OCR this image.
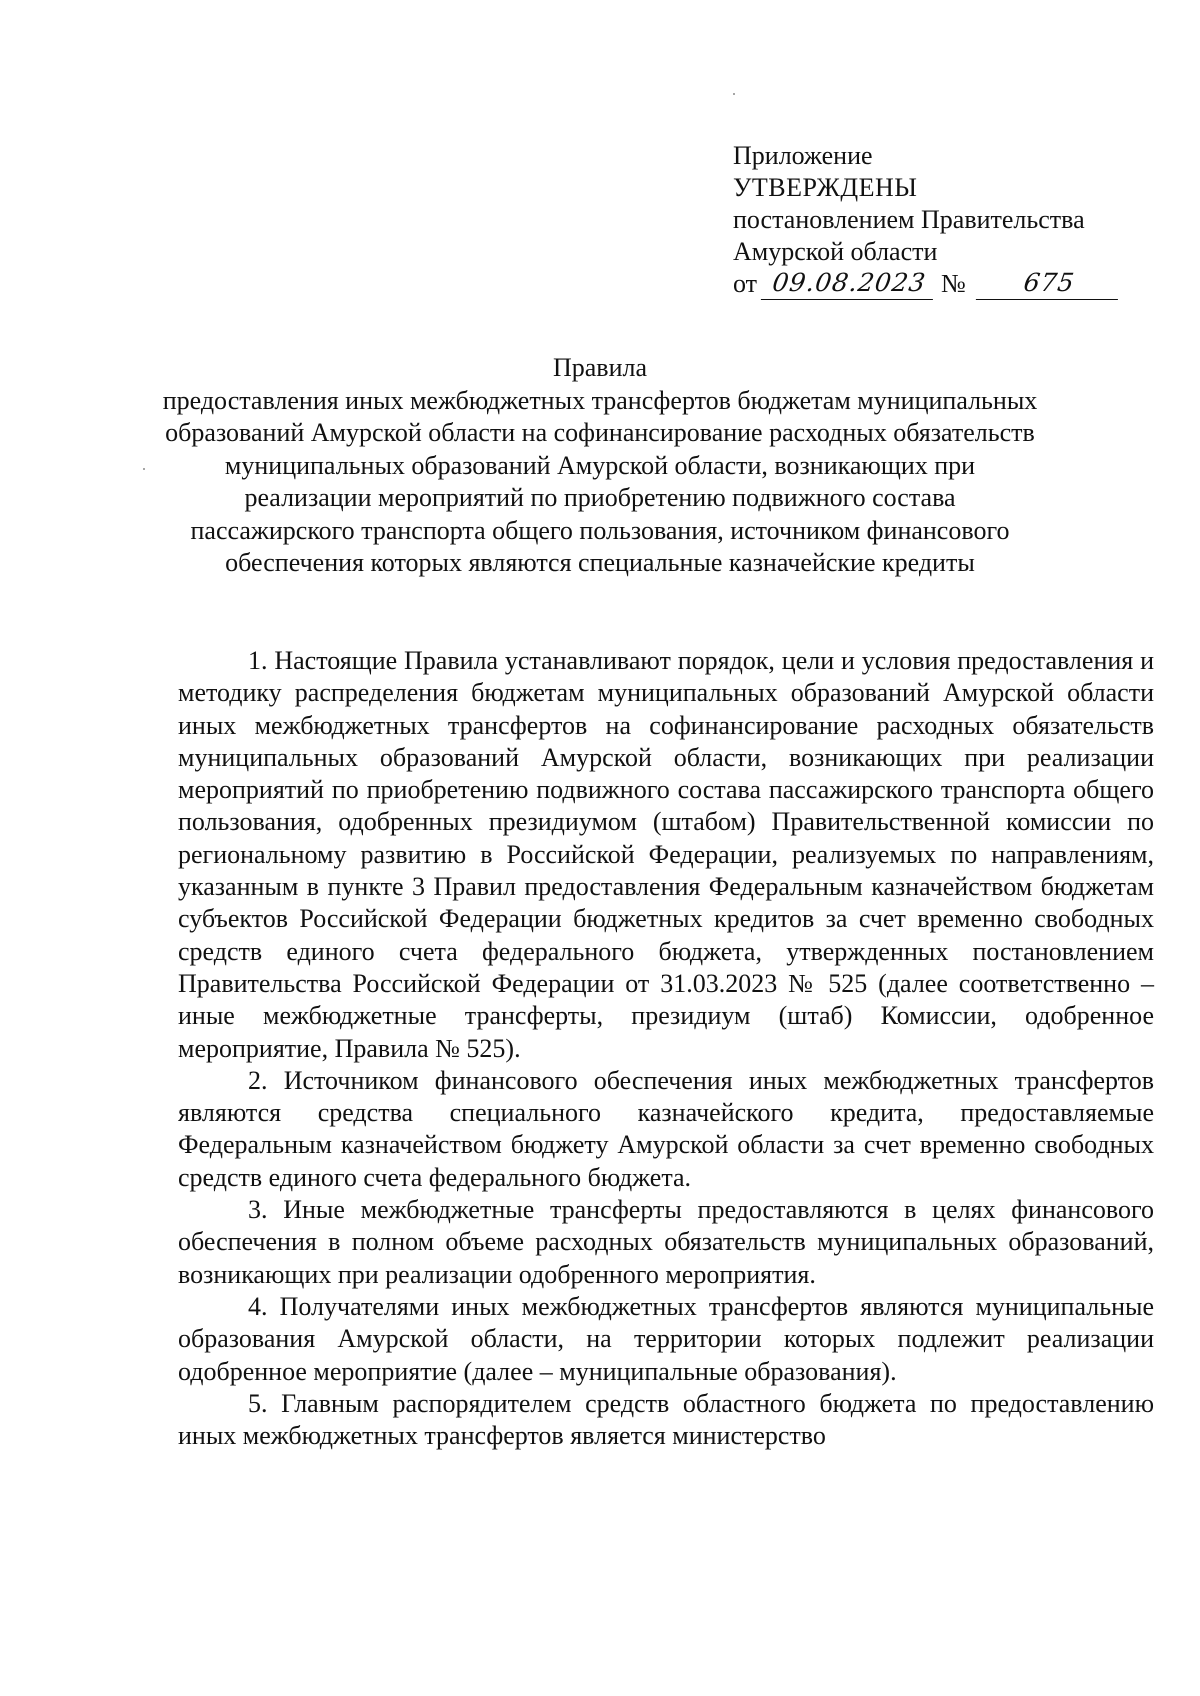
Приложение
УТВЕРЖДЕНЫ
постановлением Правительства
Амурской области
от 09.08.2023 №	675
Правила
предоставления иных межбюджетных трансфертов бюджетам муниципальных образований Амурской области на софинансирование расходных обязательств муниципальных образований Амурской области, возникающих при реализации мероприятий по приобретению подвижного состава пассажирского транспорта общего пользования, источником финансового обеспечения которых являются специальные казначейские кредиты

1. Настоящие Правила устанавливают порядок, цели и условия предоставления и методику распределения бюджетам муниципальных образований Амурской области иных межбюджетных трансфертов на софинансирование расходных обязательств муниципальных образований Амурской области, возникающих при реализации мероприятий по приобретению подвижного состава пассажирского транспорта общего пользования, одобренных президиумом (штабом) Правительственной комиссии по региональному развитию в Российской Федерации, реализуемых по направлениям, указанным в пункте 3 Правил предоставления Федеральным казначейством бюджетам субъектов Российской Федерации бюджетных кредитов за счет временно свободных средств единого счета федерального бюджета, утвержденных постановлением Правительства Российской Федерации от 31.03.2023 № 525 (далее соответственно – иные межбюджетные трансферты, президиум (штаб) Комиссии, одобренное мероприятие, Правила № 525).

2. Источником финансового обеспечения иных межбюджетных трансфертов являются средства специального казначейского кредита, предоставляемые Федеральным казначейством бюджету Амурской области за счет временно свободных средств единого счета федерального бюджета.

3. Иные межбюджетные трансферты предоставляются в целях финансового обеспечения в полном объеме расходных обязательств муниципальных образований, возникающих при реализации одобренного мероприятия.

4. Получателями иных межбюджетных трансфертов являются муниципальные образования Амурской области, на территории которых подлежит реализации одобренное мероприятие (далее – муниципальные образования).

5. Главным распорядителем средств областного бюджета по предоставлению иных межбюджетных трансфертов является министерство
